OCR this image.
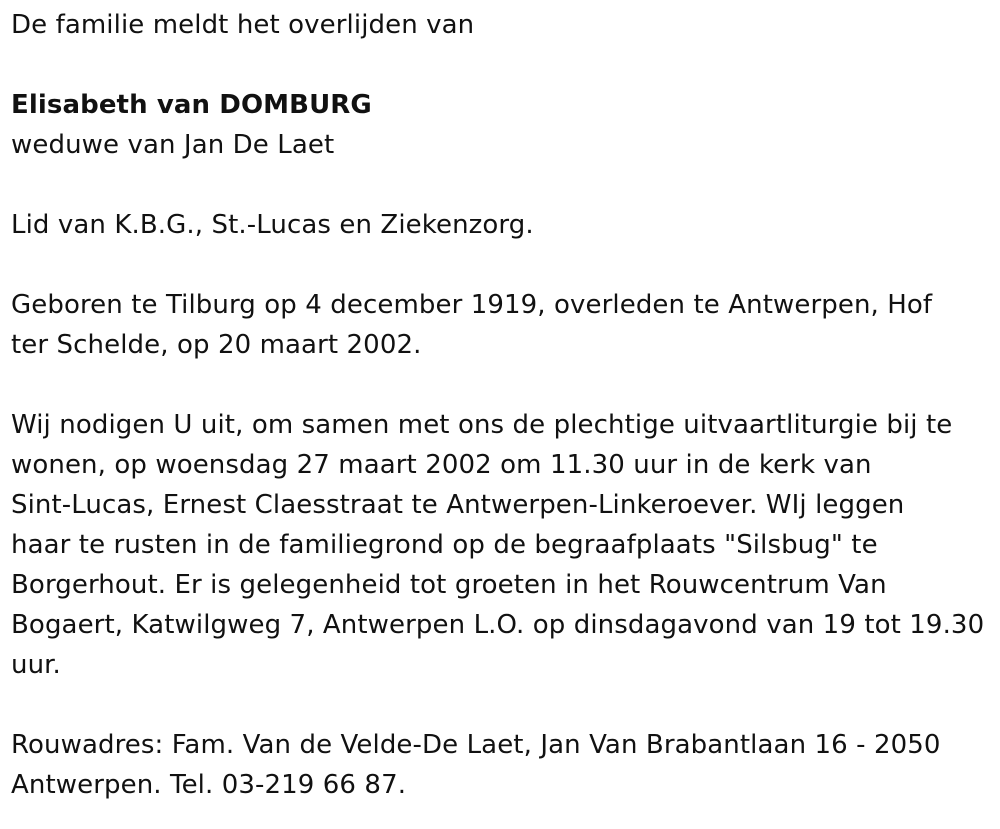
De familie meldt het overlijden van

Elisabeth van DOMBURG

weduwe van Jan De Laet

Lid van K.B.G., St.-Lucas en Ziekenzorg.

Geboren te Tilburg op 4 december 1919, overleden te Antwerpen, Hof

ter Schelde, op 20 maart 2002.

Wij nodigen U uit, om samen met ons de plechtige uitvaartliturgie bij te

wonen, op woensdag 27 maart 2002 om 11.30 uur in de kerk van

Sint-Lucas, Ernest Claesstraat te Antwerpen-Linkeroever. WIj leggen

haar te rusten in de familiegrond op de begraafplaats "Silsbug" te

Borgerhout. Er is gelegenheid tot groeten in het Rouwcentrum Van

Bogaert, Katwilgweg 7, Antwerpen L.O. op dinsdagavond van 19 tot 19.30

uur.

Rouwadres: Fam. Van de Velde-De Laet, Jan Van Brabantlaan 16 - 2050

Antwerpen. Tel. 03-219 66 87.
